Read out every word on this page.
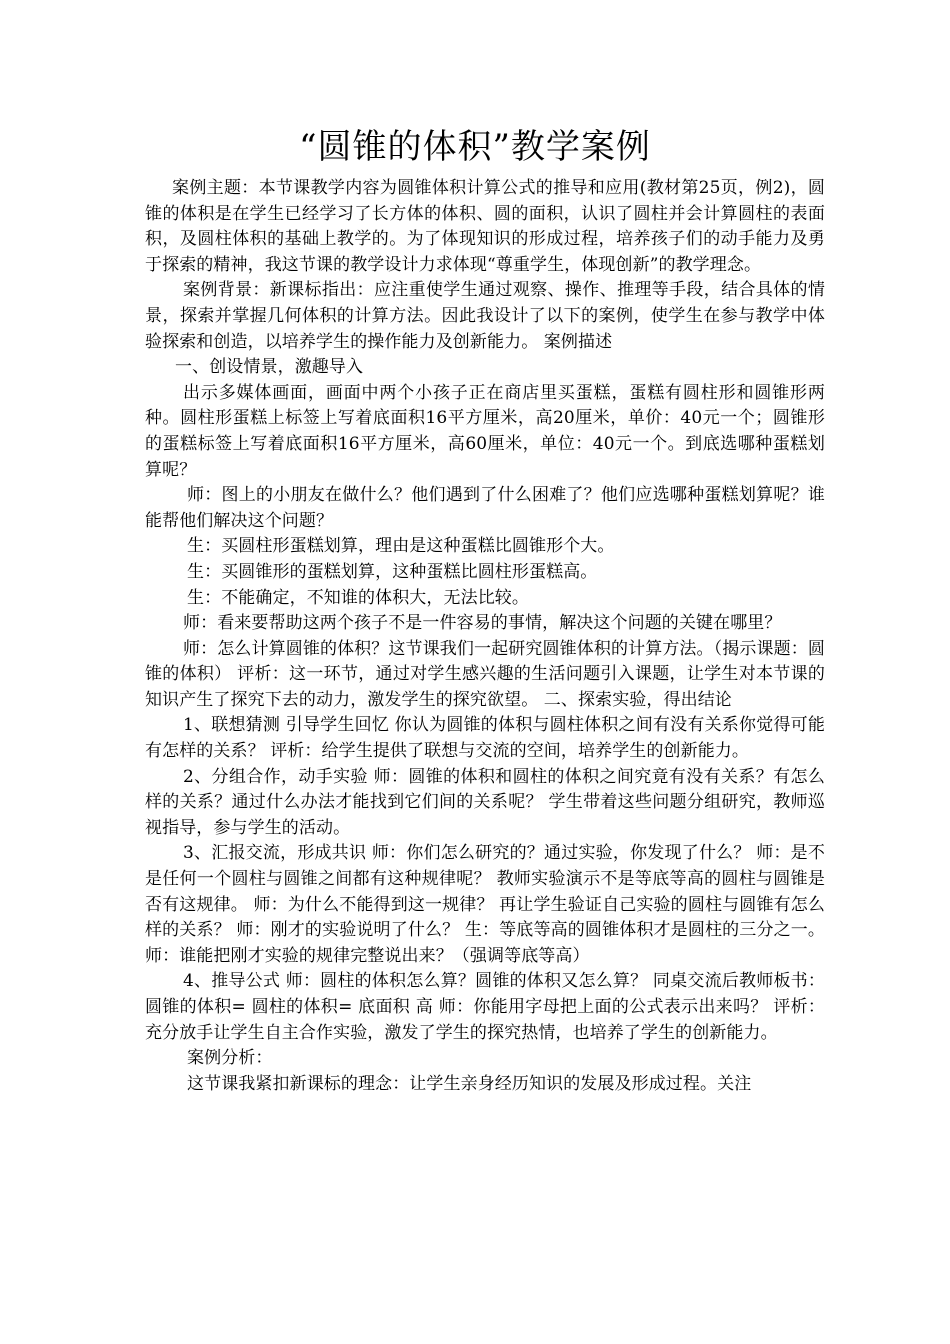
“圆锥的体积”教学案例

案例主题：本节课教学内容为圆锥体积计算公式的推导和应用(教材第25页，例2)，圆锥的体积是在学生已经学习了长方体的体积、圆的面积，认识了圆柱并会计算圆柱的表面积，及圆柱体积的基础上教学的。为了体现知识的形成过程，培养孩子们的动手能力及勇于探索的精神，我这节课的教学设计力求体现“尊重学生，体现创新”的教学理念。

案例背景：新课标指出：应注重使学生通过观察、操作、推理等手段，结合具体的情景，探索并掌握几何体积的计算方法。因此我设计了以下的案例，使学生在参与教学中体验探索和创造，以培养学生的操作能力及创新能力。 案例描述

一、创设情景，激趣导入

出示多媒体画面，画面中两个小孩子正在商店里买蛋糕，蛋糕有圆柱形和圆锥形两种。圆柱形蛋糕上标签上写着底面积16平方厘米，高20厘米，单价：40元一个；圆锥形的蛋糕标签上写着底面积16平方厘米，高60厘米，单位：40元一个。到底选哪种蛋糕划算呢？

师：图上的小朋友在做什么？他们遇到了什么困难了？他们应选哪种蛋糕划算呢？谁能帮他们解决这个问题？

生：买圆柱形蛋糕划算，理由是这种蛋糕比圆锥形个大。

生：买圆锥形的蛋糕划算，这种蛋糕比圆柱形蛋糕高。

生：不能确定，不知谁的体积大，无法比较。

师：看来要帮助这两个孩子不是一件容易的事情，解决这个问题的关键在哪里？

师：怎么计算圆锥的体积？这节课我们一起研究圆锥体积的计算方法。（揭示课题：圆锥的体积） 评析：这一环节，通过对学生感兴趣的生活问题引入课题，让学生对本节课的知识产生了探究下去的动力，激发学生的探究欲望。 二、探索实验，得出结论

1、联想猜测 引导学生回忆 你认为圆锥的体积与圆柱体积之间有没有关系你觉得可能有怎样的关系？ 评析：给学生提供了联想与交流的空间，培养学生的创新能力。

2、分组合作，动手实验 师：圆锥的体积和圆柱的体积之间究竟有没有关系？有怎么样的关系？通过什么办法才能找到它们间的关系呢？ 学生带着这些问题分组研究，教师巡视指导，参与学生的活动。

3、汇报交流，形成共识 师：你们怎么研究的？通过实验，你发现了什么？ 师：是不是任何一个圆柱与圆锥之间都有这种规律呢？ 教师实验演示不是等底等高的圆柱与圆锥是否有这规律。 师：为什么不能得到这一规律？ 再让学生验证自己实验的圆柱与圆锥有怎么样的关系？ 师：刚才的实验说明了什么？ 生：等底等高的圆锥体积才是圆柱的三分之一。 师：谁能把刚才实验的规律完整说出来？（强调等底等高）

4、推导公式 师：圆柱的体积怎么算？圆锥的体积又怎么算？ 同桌交流后教师板书： 圆锥的体积= 圆柱的体积= 底面积 高 师：你能用字母把上面的公式表示出来吗？ 评析：充分放手让学生自主合作实验，激发了学生的探究热情，也培养了学生的创新能力。

案例分析：

这节课我紧扣新课标的理念：让学生亲身经历知识的发展及形成过程。关注
